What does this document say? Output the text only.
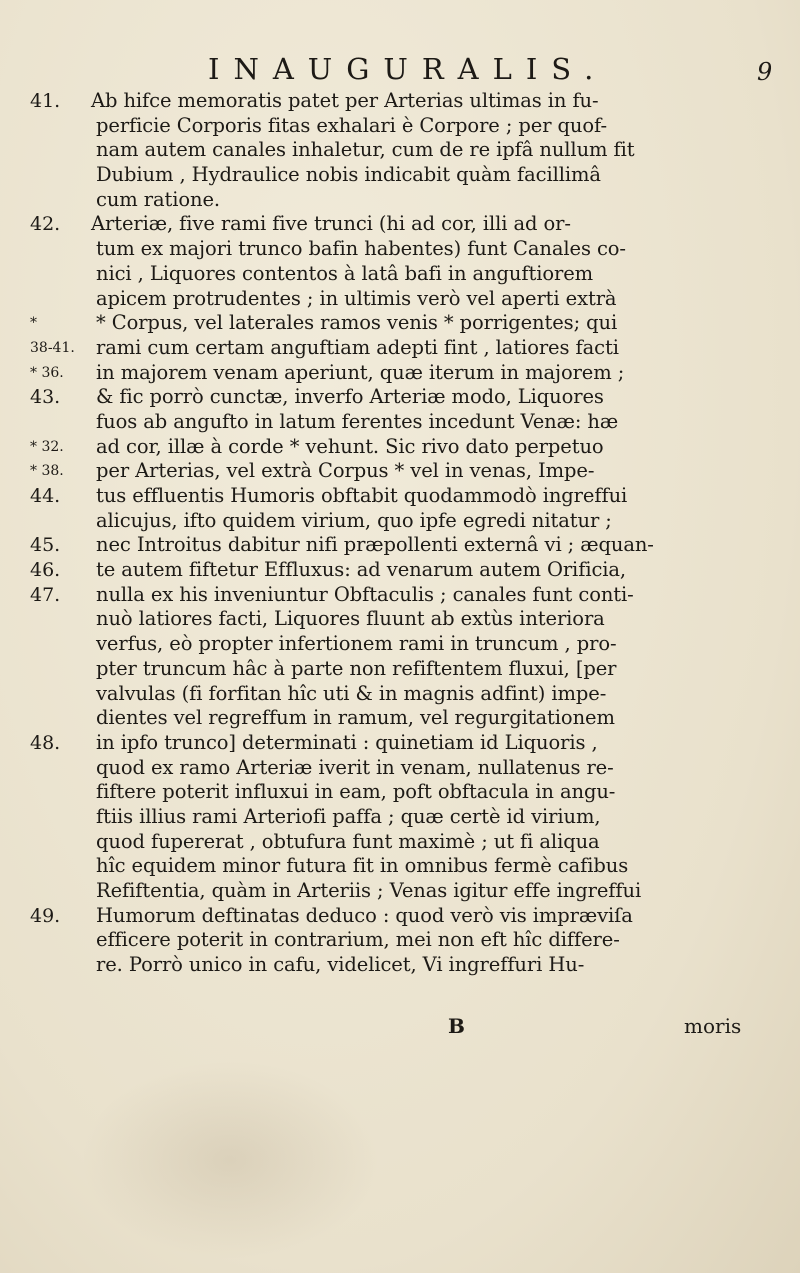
INAUGURALIS.	9
41.	Ab hifce memoratis patet per Arterias ultimas in fu-
perficie Corporis fitas exhalari è Corpore ; per quof-
nam autem canales inhaletur, cum de re ipfâ nullum fit
Dubium , Hydraulice nobis indicabit quàm facillimâ
cum ratione.
42.	Arteriæ, five rami five trunci (hi ad cor, illi ad or-
tum ex majori trunco bafin habentes) funt Canales co-
nici , Liquores contentos à latâ bafi in anguftiorem
apicem protrudentes ; in ultimis verò vel aperti extrà
*	* Corpus, vel laterales ramos venis * porrigentes; qui
38-41.	rami cum certam anguftiam adepti fint , latiores facti
* 36.	in majorem venam aperiunt, quæ iterum in majorem ;
43.	& fic porrò cunctæ, inverfo Arteriæ modo, Liquores
fuos ab angufto in latum ferentes incedunt Venæ: hæ
* 32.	ad cor, illæ à corde * vehunt. Sic rivo dato perpetuo
* 38.	per Arterias, vel extrà Corpus * vel in venas, Impe-
44.	tus effluentis Humoris obftabit quodammodò ingreffui
alicujus, ifto quidem virium, quo ipfe egredi nitatur ;
45.	nec Introitus dabitur nifi præpollenti externâ vi ; æquan-
46.	te autem fiftetur Effluxus: ad venarum autem Orificia,
47.	nulla ex his inveniuntur Obftaculis ; canales funt conti-
nuò latiores facti, Liquores fluunt ab extùs interiora
verfus, eò propter infertionem rami in truncum , pro-
pter truncum hâc à parte non refiftentem fluxui, [per
valvulas (fi forfitan hîc uti & in magnis adfint) impe-
dientes vel regreffum in ramum, vel regurgitationem
48.	in ipfo trunco] determinati : quinetiam id Liquoris ,
quod ex ramo Arteriæ iverit in venam, nullatenus re-
fiftere poterit influxui in eam, poft obftacula in angu-
ftiis illius rami Arteriofi paffa ; quæ certè id virium,
quod fupererat , obtufura funt maximè ; ut fi aliqua
hîc equidem minor futura fit in omnibus fermè cafibus
Refiftentia, quàm in Arteriis ; Venas igitur effe ingreffui
49.	Humorum deftinatas deduco : quod verò vis impræviſa
efficere poterit in contrarium, mei non eft hîc differe-
re. Porrò unico in cafu, videlicet, Vi ingreffuri Hu-
B	moris
